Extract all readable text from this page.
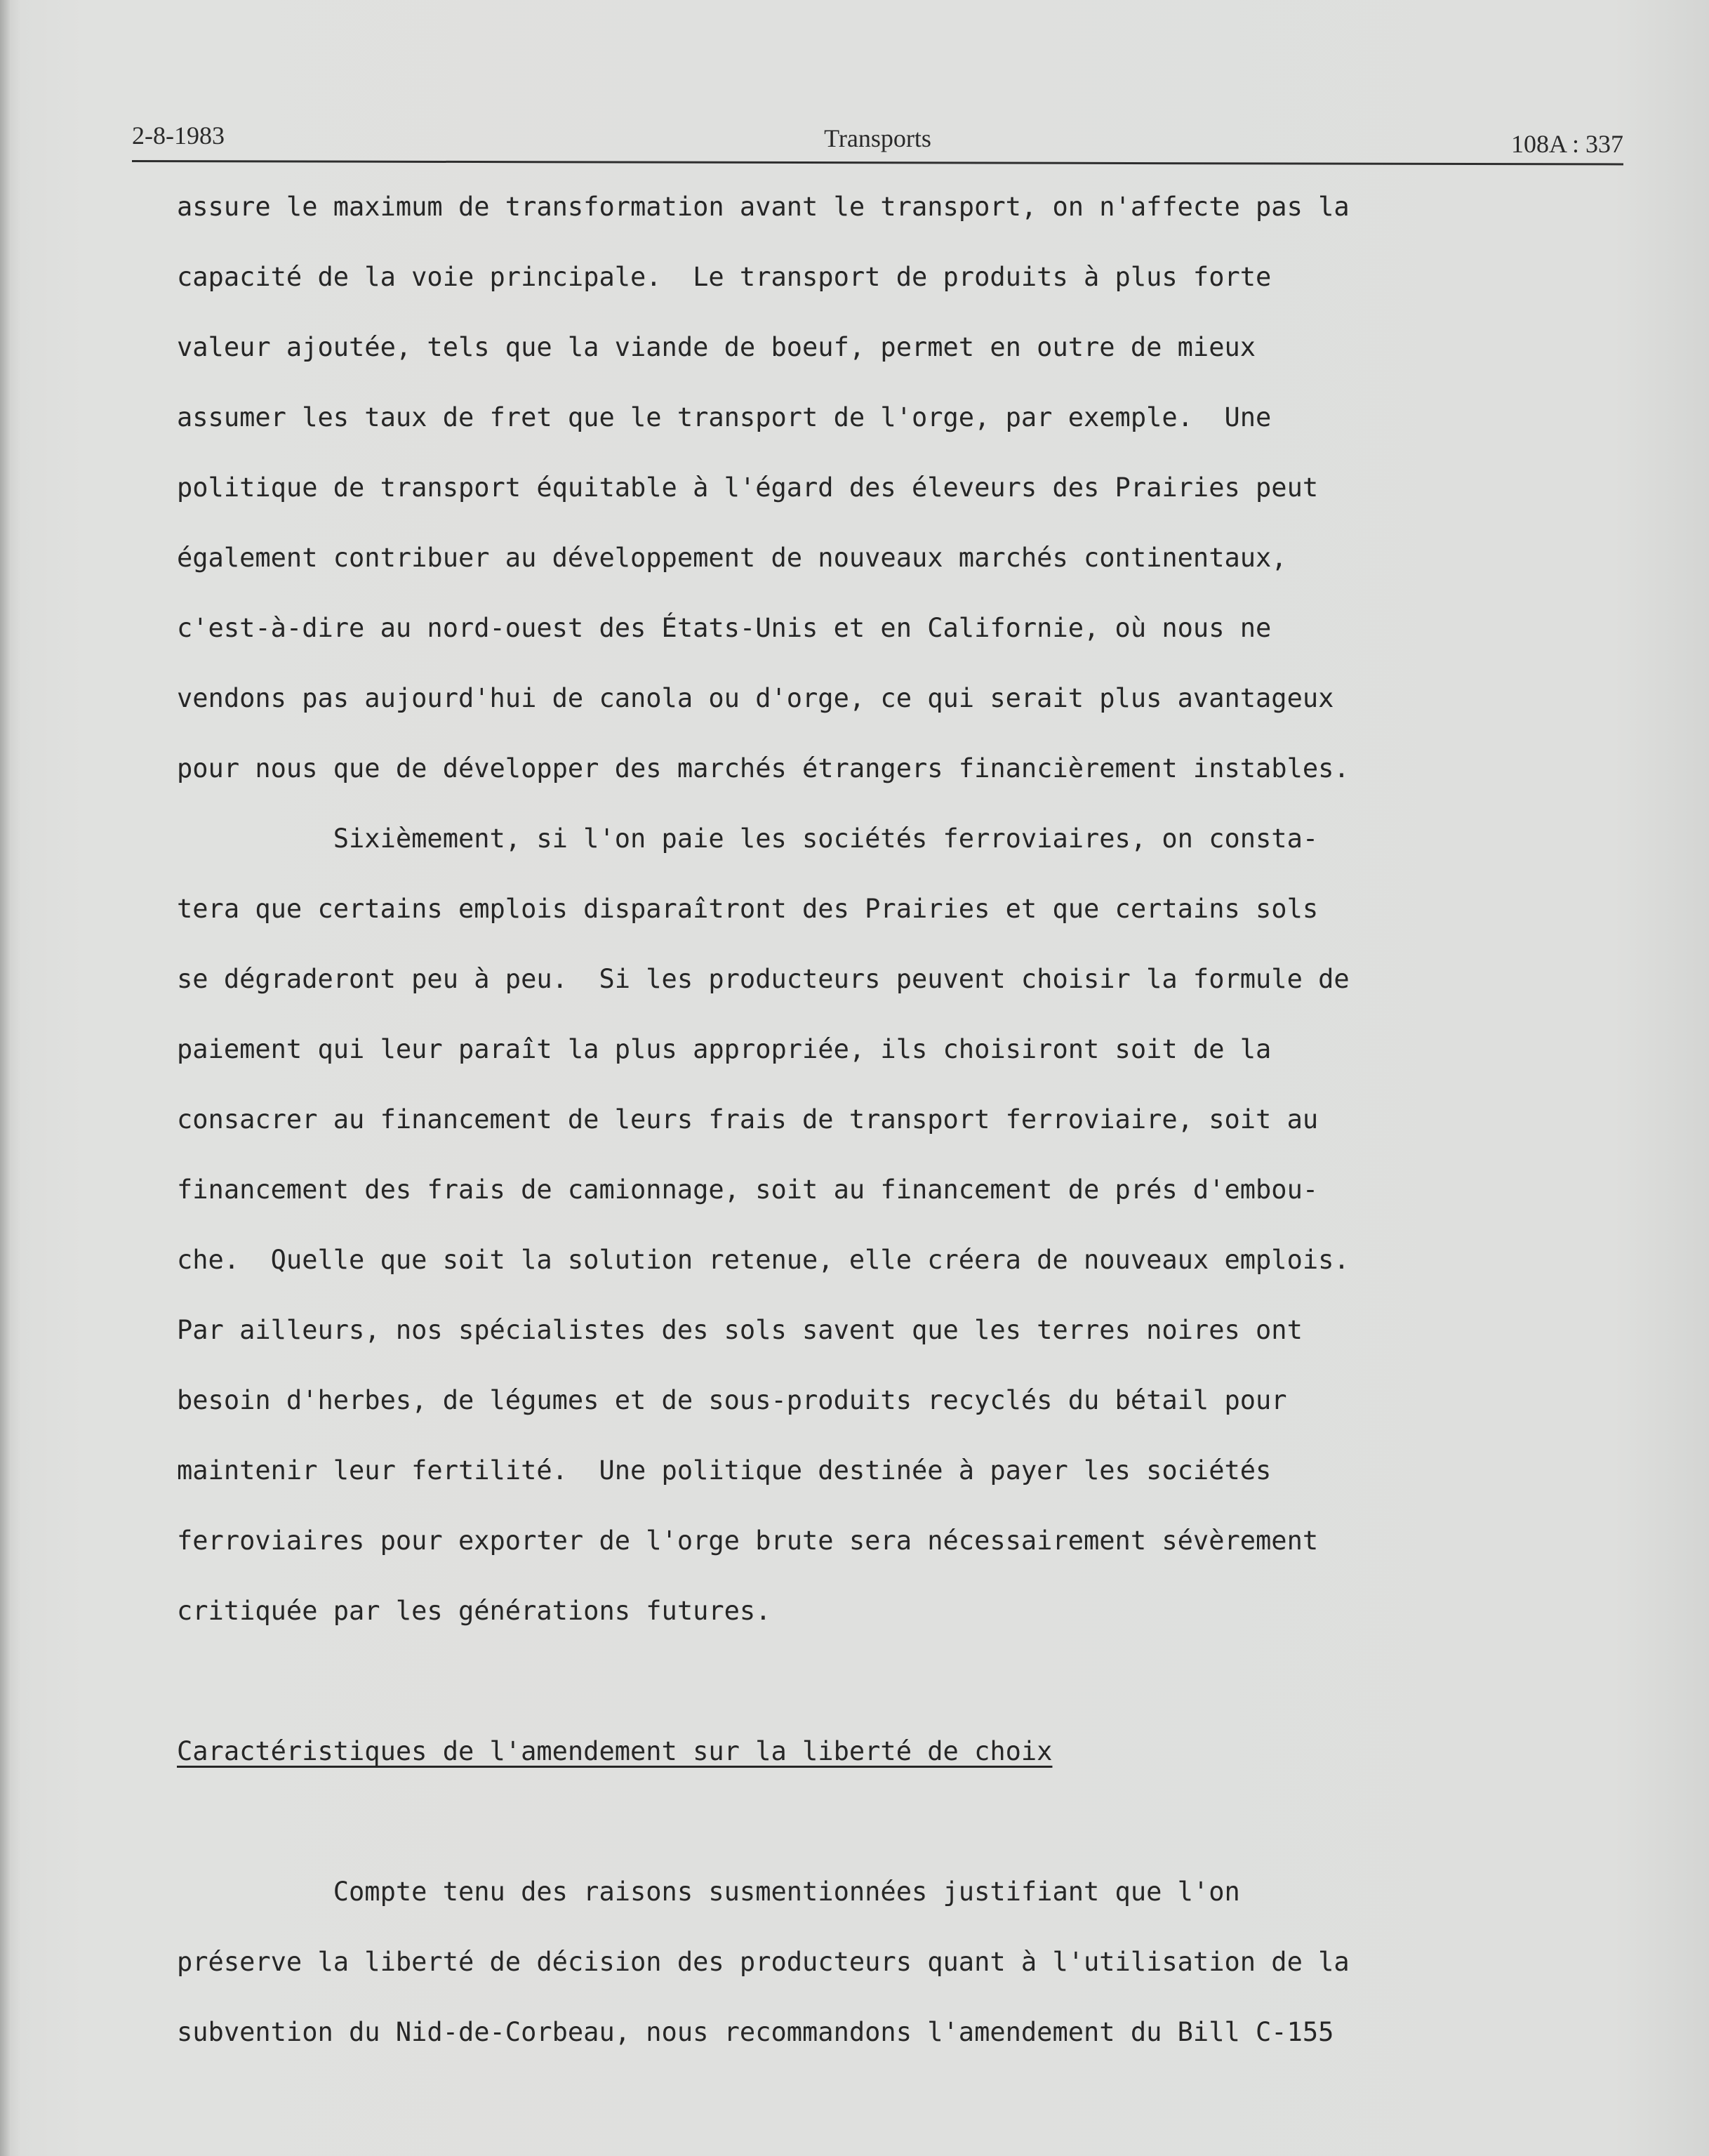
2-8-1983	Transports	108A : 337
assure le maximum de transformation avant le transport, on n'affecte pas la
capacité de la voie principale.  Le transport de produits à plus forte
valeur ajoutée, tels que la viande de boeuf, permet en outre de mieux
assumer les taux de fret que le transport de l'orge, par exemple.  Une
politique de transport équitable à l'égard des éleveurs des Prairies peut
également contribuer au développement de nouveaux marchés continentaux,
c'est-à-dire au nord-ouest des États-Unis et en Californie, où nous ne
vendons pas aujourd'hui de canola ou d'orge, ce qui serait plus avantageux
pour nous que de développer des marchés étrangers financièrement instables.
Sixièmement, si l'on paie les sociétés ferroviaires, on consta-
tera que certains emplois disparaîtront des Prairies et que certains sols
se dégraderont peu à peu.  Si les producteurs peuvent choisir la formule de
paiement qui leur paraît la plus appropriée, ils choisiront soit de la
consacrer au financement de leurs frais de transport ferroviaire, soit au
financement des frais de camionnage, soit au financement de prés d'embou-
che.  Quelle que soit la solution retenue, elle créera de nouveaux emplois.
Par ailleurs, nos spécialistes des sols savent que les terres noires ont
besoin d'herbes, de légumes et de sous-produits recyclés du bétail pour
maintenir leur fertilité.  Une politique destinée à payer les sociétés
ferroviaires pour exporter de l'orge brute sera nécessairement sévèrement
critiquée par les générations futures.
Caractéristiques de l'amendement sur la liberté de choix
Compte tenu des raisons susmentionnées justifiant que l'on
préserve la liberté de décision des producteurs quant à l'utilisation de la
subvention du Nid-de-Corbeau, nous recommandons l'amendement du Bill C-155
